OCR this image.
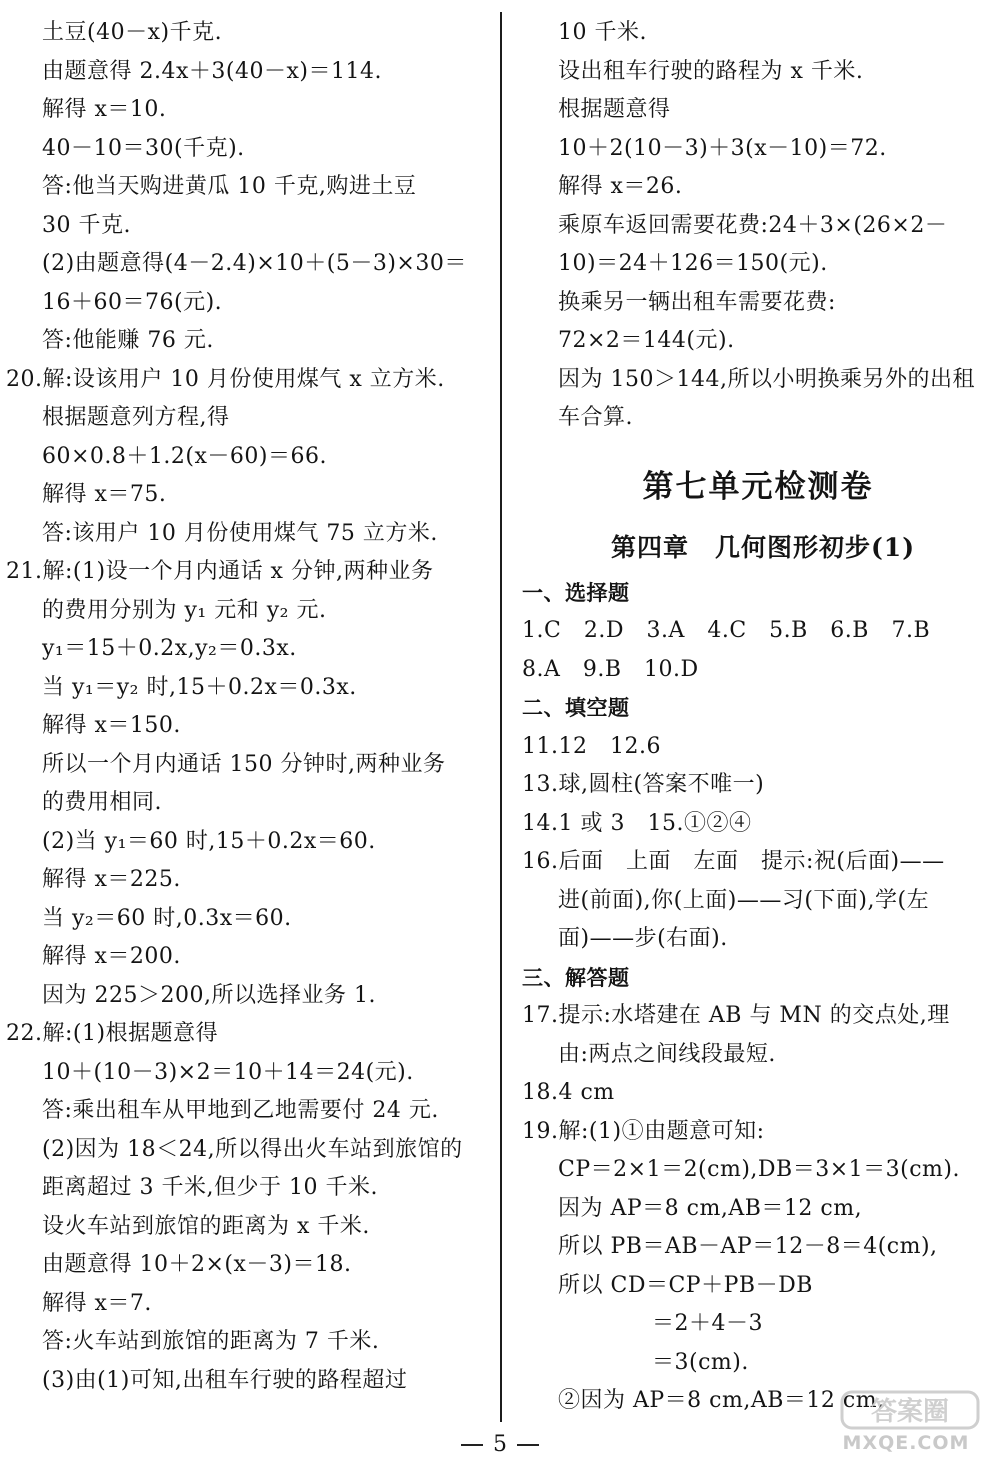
土豆(40－x)千克.
由题意得 2.4x＋3(40－x)＝114.
解得 x＝10.
40－10＝30(千克).
答:他当天购进黄瓜 10 千克,购进土豆
30 千克.
(2)由题意得(4－2.4)×10＋(5－3)×30＝
16＋60＝76(元).
答:他能赚 76 元.
20.解:设该用户 10 月份使用煤气 x 立方米.
根据题意列方程,得
60×0.8＋1.2(x－60)＝66.
解得 x＝75.
答:该用户 10 月份使用煤气 75 立方米.
21.解:(1)设一个月内通话 x 分钟,两种业务
的费用分别为 y₁ 元和 y₂ 元.
y₁＝15＋0.2x,y₂＝0.3x.
当 y₁＝y₂ 时,15＋0.2x＝0.3x.
解得 x＝150.
所以一个月内通话 150 分钟时,两种业务
的费用相同.
(2)当 y₁＝60 时,15＋0.2x＝60.
解得 x＝225.
当 y₂＝60 时,0.3x＝60.
解得 x＝200.
因为 225＞200,所以选择业务 1.
22.解:(1)根据题意得
10＋(10－3)×2＝10＋14＝24(元).
答:乘出租车从甲地到乙地需要付 24 元.
(2)因为 18＜24,所以得出火车站到旅馆的
距离超过 3 千米,但少于 10 千米.
设火车站到旅馆的距离为 x 千米.
由题意得 10＋2×(x－3)＝18.
解得 x＝7.
答:火车站到旅馆的距离为 7 千米.
(3)由(1)可知,出租车行驶的路程超过
10 千米.
设出租车行驶的路程为 x 千米.
根据题意得
10＋2(10－3)＋3(x－10)＝72.
解得 x＝26.
乘原车返回需要花费:24＋3×(26×2－
10)＝24＋126＝150(元).
换乘另一辆出租车需要花费:
72×2＝144(元).
因为 150＞144,所以小明换乘另外的出租
车合算.
第七单元检测卷
第四章　几何图形初步(1)
一、选择题
1.C　2.D　3.A　4.C　5.B　6.B　7.B
8.A　9.B　10.D
二、填空题
11.12　12.6
13.球,圆柱(答案不唯一)
14.1 或 3　15.①②④
16.后面　上面　左面　提示:祝(后面)——
进(前面),你(上面)——习(下面),学(左
面)——步(右面).
三、解答题
17.提示:水塔建在 AB 与 MN 的交点处,理
由:两点之间线段最短.
18.4 cm
19.解:(1)①由题意可知:
CP＝2×1＝2(cm),DB＝3×1＝3(cm).
因为 AP＝8 cm,AB＝12 cm,
所以 PB＝AB－AP＝12－8＝4(cm),
所以 CD＝CP＋PB－DB
＝2＋4－3
＝3(cm).
②因为 AP＝8 cm,AB＝12 cm,
5
答案圈
MXQE.COM
